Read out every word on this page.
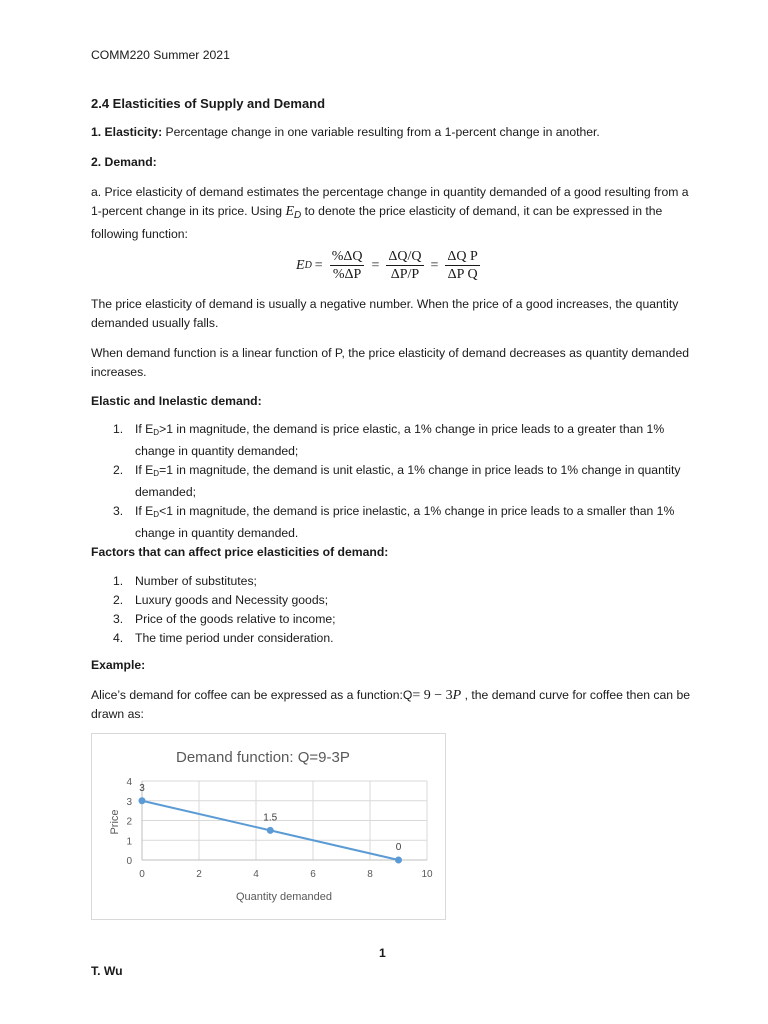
COMM220 Summer 2021
2.4 Elasticities of Supply and Demand

1. Elasticity: Percentage change in one variable resulting from a 1-percent change in another.

2. Demand:

a. Price elasticity of demand estimates the percentage change in quantity demanded of a good resulting from a 1-percent change in its price. Using $E_D$ to denote the price elasticity of demand, it can be expressed in the following function:

E $D = \frac{\%\Delta Q}{\%\Delta P} = \frac{\Delta Q/Q}{\Delta P/P} = \frac{\text{ΔQ P}}{\text{ΔP Q}}$

The price elasticity of demand is usually a negative number. When the price of a good increases, the quantity demanded usually falls.

When demand function is a linear function of P, the price elasticity of demand decreases as quantity demanded increases.

Elastic and Inelastic demand:
1. If $E_D>1$ in magnitude, the demand is price elastic, a 1% change in price leads to a greater than 1% change in quantity demanded;
2. If $E_D=1$ in magnitude, the demand is unit elastic, a 1% change in price leads to 1% change in quantity demanded;
3. If $E_D<1$ in magnitude, the demand is price inelastic, a 1% change in price leads to a smaller than 1% change in quantity demanded.
Factors that can affect price elasticities of demand:
1. Number of substitutes;
2. Luxury goods and Necessity goods;
3. Price of the goods relative to income;
4. The time period under consideration.
Example:

Alice’s demand for coffee can be expressed as a function:Q= 9 − 3P , the demand curve for coffee then can be drawn as:

Demand function: Q=9-3P
0
1
2
3
4
0	2	4	6	8	10
3
1.5
0
Quantity demanded
Price
1
T. Wu
